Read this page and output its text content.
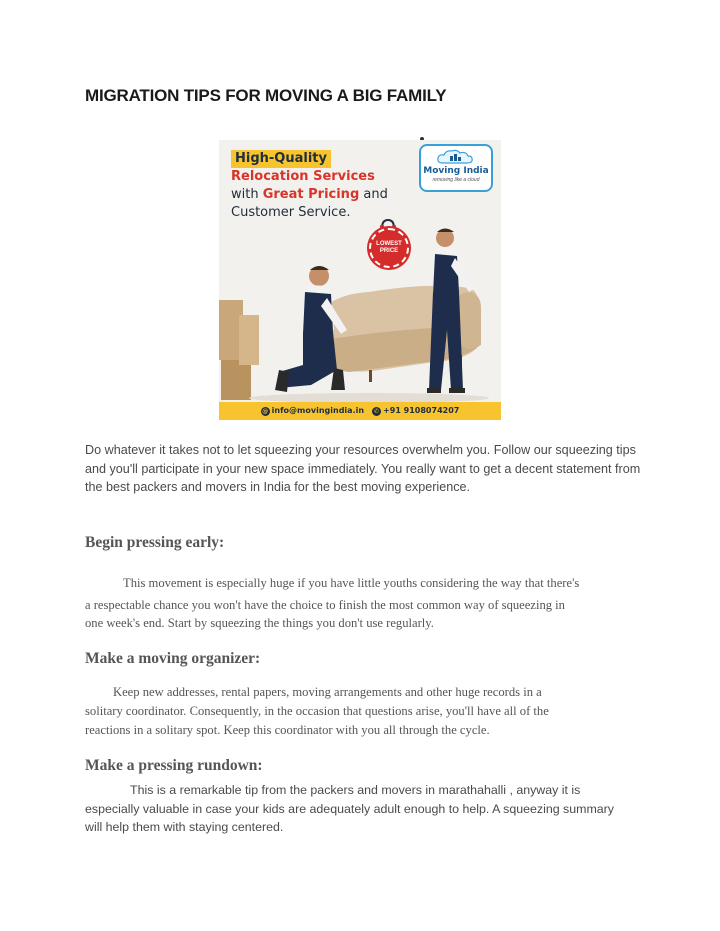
MIGRATION TIPS FOR MOVING A BIG FAMILY
High-Quality
Relocation Services
with Great Pricing and
Customer Service.
Moving India
removing like a cloud
LOWEST
PRICE
@ info@movingindia.in	✆ +91 9108074207

Do whatever it takes not to let squeezing your resources overwhelm you. Follow our squeezing tips and you'll participate in your new space immediately. You really want to get a decent statement from the best packers and movers in India for the best moving experience.

Begin pressing early:

This movement is especially huge if you have little youths considering the way that there's
a respectable chance you won't have the choice to finish the most common way of squeezing in
one week's end. Start by squeezing the things you don't use regularly.

Make a moving organizer:

Keep new addresses, rental papers, moving arrangements and other huge records in a
solitary coordinator. Consequently, in the occasion that questions arise, you'll have all of the
reactions in a solitary spot. Keep this coordinator with you all through the cycle.

Make a pressing rundown:

This is a remarkable tip from the packers and movers in marathahalli , anyway it is
especially valuable in case your kids are adequately adult enough to help. A squeezing summary
will help them with staying centered.
